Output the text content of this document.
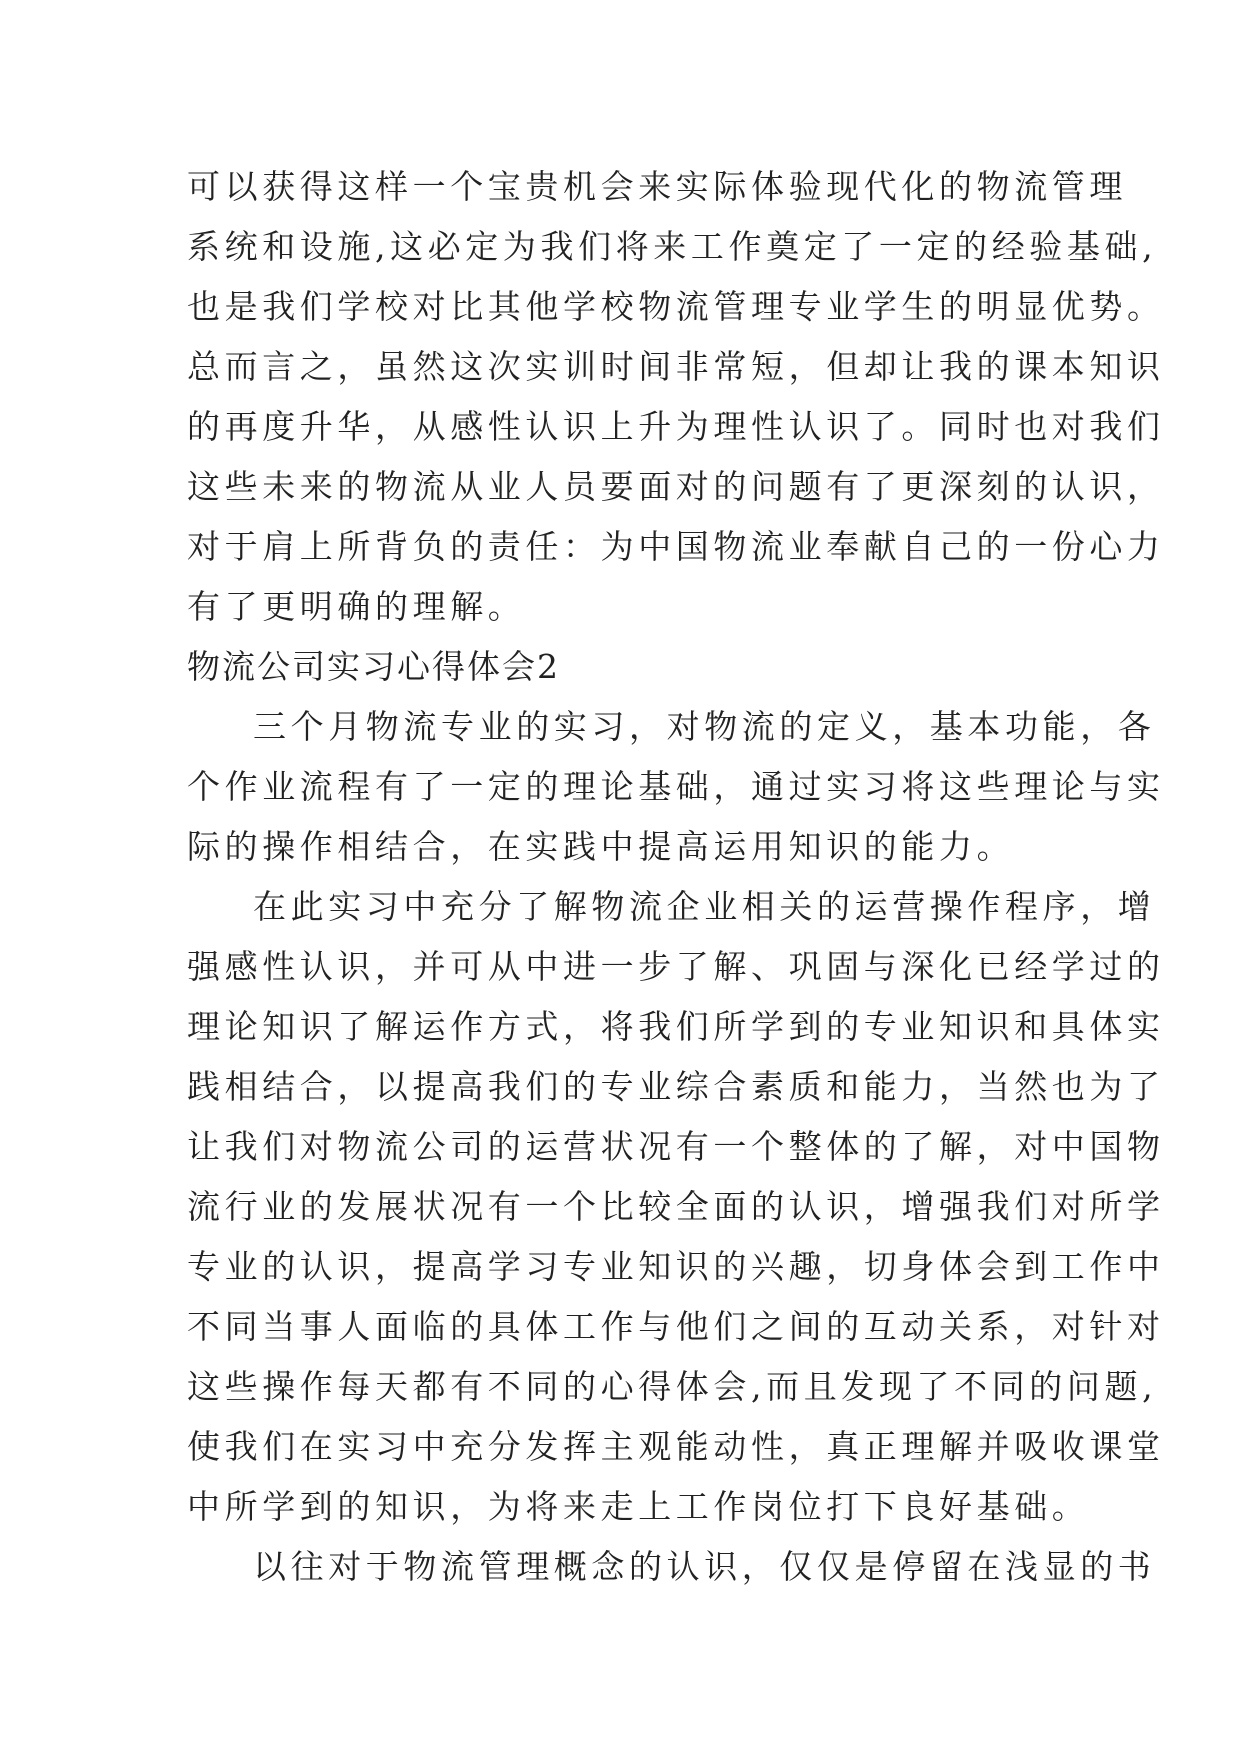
可以获得这样一个宝贵机会来实际体验现代化的物流管理
系统和设施,这必定为我们将来工作奠定了一定的经验基础,
也是我们学校对比其他学校物流管理专业学生的明显优势。
总而言之，虽然这次实训时间非常短，但却让我的课本知识
的再度升华，从感性认识上升为理性认识了。同时也对我们
这些未来的物流从业人员要面对的问题有了更深刻的认识，
对于肩上所背负的责任：为中国物流业奉献自己的一份心力
有了更明确的理解。
物流公司实习心得体会2
三个月物流专业的实习，对物流的定义，基本功能，各
个作业流程有了一定的理论基础，通过实习将这些理论与实
际的操作相结合，在实践中提高运用知识的能力。
在此实习中充分了解物流企业相关的运营操作程序，增
强感性认识，并可从中进一步了解、巩固与深化已经学过的
理论知识了解运作方式，将我们所学到的专业知识和具体实
践相结合，以提高我们的专业综合素质和能力，当然也为了
让我们对物流公司的运营状况有一个整体的了解，对中国物
流行业的发展状况有一个比较全面的认识，增强我们对所学
专业的认识，提高学习专业知识的兴趣，切身体会到工作中
不同当事人面临的具体工作与他们之间的互动关系，对针对
这些操作每天都有不同的心得体会,而且发现了不同的问题,
使我们在实习中充分发挥主观能动性，真正理解并吸收课堂
中所学到的知识，为将来走上工作岗位打下良好基础。
以往对于物流管理概念的认识，仅仅是停留在浅显的书
